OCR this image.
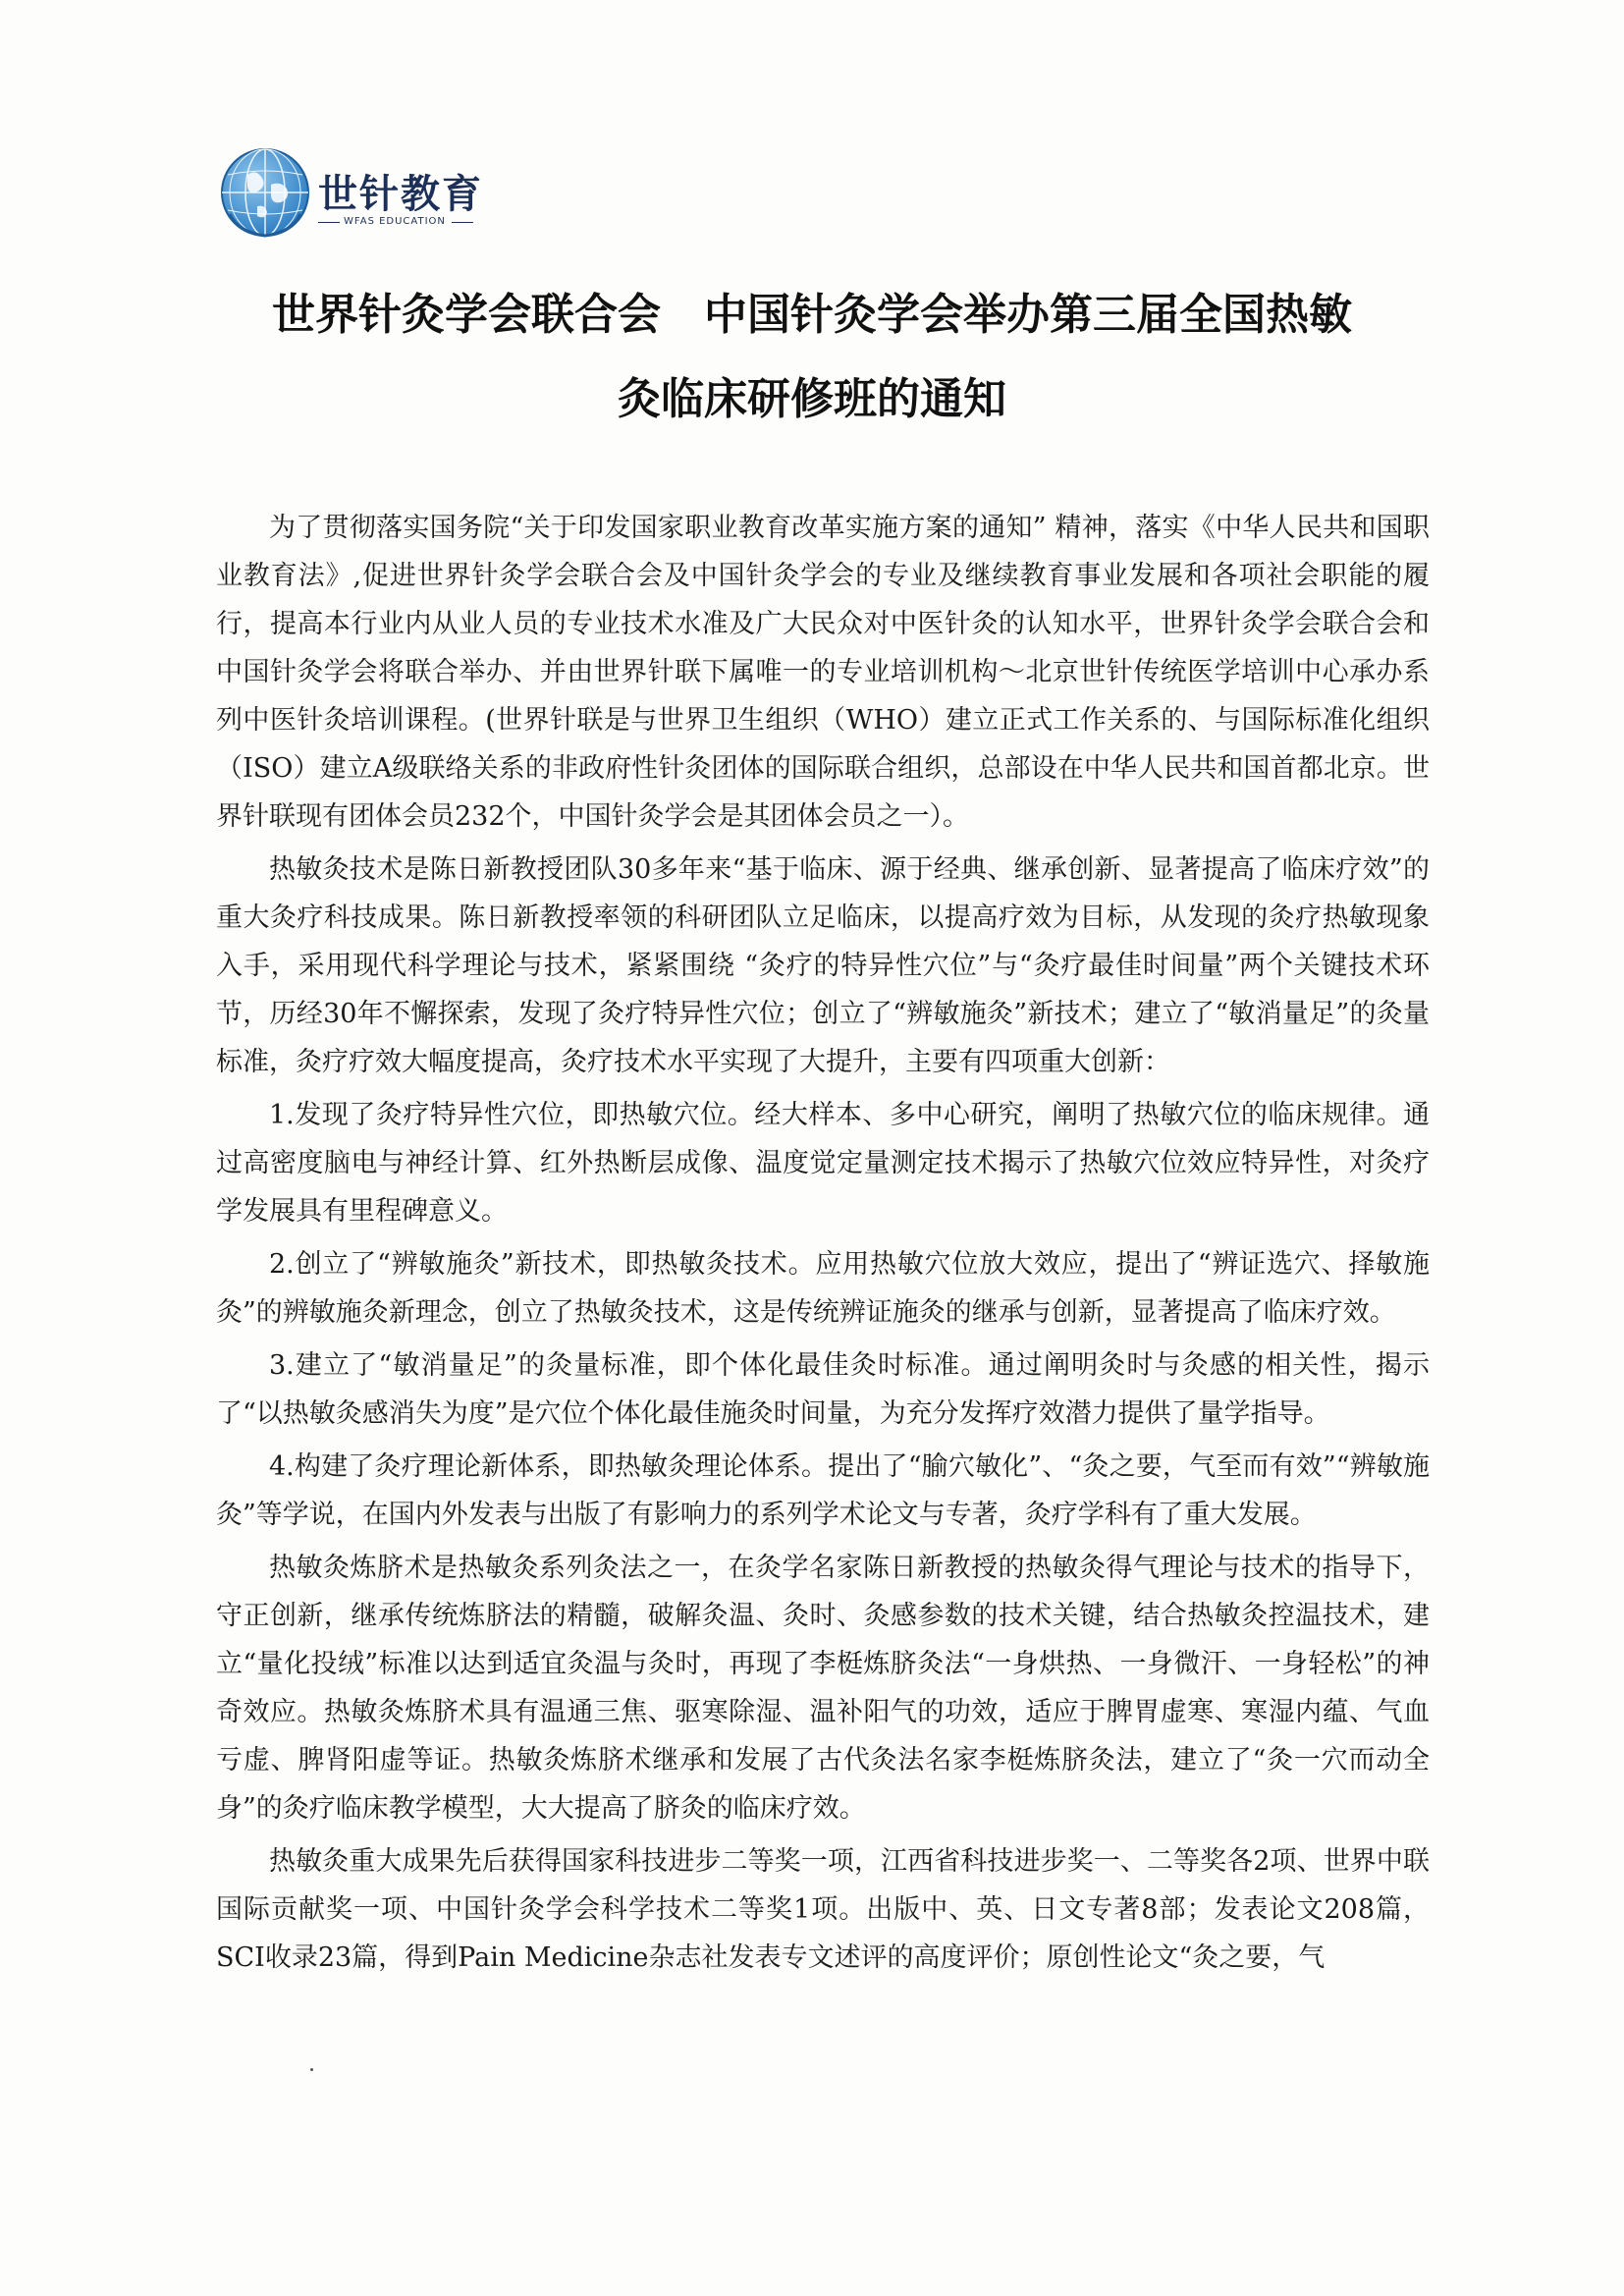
世针教育
WFAS EDUCATION
世界针灸学会联合会　中国针灸学会举办第三届全国热敏
灸临床研修班的通知

为了贯彻落实国务院“关于印发国家职业教育改革实施方案的通知” 精神，落实《中华人民共和国职业教育法》,促进世界针灸学会联合会及中国针灸学会的专业及继续教育事业发展和各项社会职能的履行，提高本行业内从业人员的专业技术水准及广大民众对中医针灸的认知水平，世界针灸学会联合会和中国针灸学会将联合举办、并由世界针联下属唯一的专业培训机构～北京世针传统医学培训中心承办系列中医针灸培训课程。(世界针联是与世界卫生组织（WHO）建立正式工作关系的、与国际标准化组织（ISO）建立A级联络关系的非政府性针灸团体的国际联合组织，总部设在中华人民共和国首都北京。世界针联现有团体会员232个，中国针灸学会是其团体会员之一）。

热敏灸技术是陈日新教授团队30多年来“基于临床、源于经典、继承创新、显著提高了临床疗效”的重大灸疗科技成果。陈日新教授率领的科研团队立足临床，以提高疗效为目标，从发现的灸疗热敏现象入手，采用现代科学理论与技术，紧紧围绕 “灸疗的特异性穴位”与“灸疗最佳时间量”两个关键技术环节，历经30年不懈探索，发现了灸疗特异性穴位；创立了“辨敏施灸”新技术；建立了“敏消量足”的灸量标准，灸疗疗效大幅度提高，灸疗技术水平实现了大提升，主要有四项重大创新：

1.发现了灸疗特异性穴位，即热敏穴位。经大样本、多中心研究，阐明了热敏穴位的临床规律。通过高密度脑电与神经计算、红外热断层成像、温度觉定量测定技术揭示了热敏穴位效应特异性，对灸疗学发展具有里程碑意义。

2.创立了“辨敏施灸”新技术，即热敏灸技术。应用热敏穴位放大效应，提出了“辨证选穴、择敏施灸”的辨敏施灸新理念，创立了热敏灸技术，这是传统辨证施灸的继承与创新，显著提高了临床疗效。

3.建立了“敏消量足”的灸量标准，即个体化最佳灸时标准。通过阐明灸时与灸感的相关性，揭示了“以热敏灸感消失为度”是穴位个体化最佳施灸时间量，为充分发挥疗效潜力提供了量学指导。

4.构建了灸疗理论新体系，即热敏灸理论体系。提出了“腧穴敏化”、“灸之要，气至而有效”“辨敏施灸”等学说，在国内外发表与出版了有影响力的系列学术论文与专著，灸疗学科有了重大发展。

热敏灸炼脐术是热敏灸系列灸法之一，在灸学名家陈日新教授的热敏灸得气理论与技术的指导下，守正创新，继承传统炼脐法的精髓，破解灸温、灸时、灸感参数的技术关键，结合热敏灸控温技术，建立“量化投绒”标准以达到适宜灸温与灸时，再现了李梃炼脐灸法“一身烘热、一身微汗、一身轻松”的神奇效应。热敏灸炼脐术具有温通三焦、驱寒除湿、温补阳气的功效，适应于脾胃虚寒、寒湿内蕴、气血亏虚、脾肾阳虚等证。热敏灸炼脐术继承和发展了古代灸法名家李梃炼脐灸法，建立了“灸一穴而动全身”的灸疗临床教学模型，大大提高了脐灸的临床疗效。

热敏灸重大成果先后获得国家科技进步二等奖一项，江西省科技进步奖一、二等奖各2项、世界中联国际贡献奖一项、中国针灸学会科学技术二等奖1项。出版中、英、日文专著8部；发表论文208篇，SCI收录23篇，得到Pain Medicine杂志社发表专文述评的高度评价；原创性论文“灸之要，气
